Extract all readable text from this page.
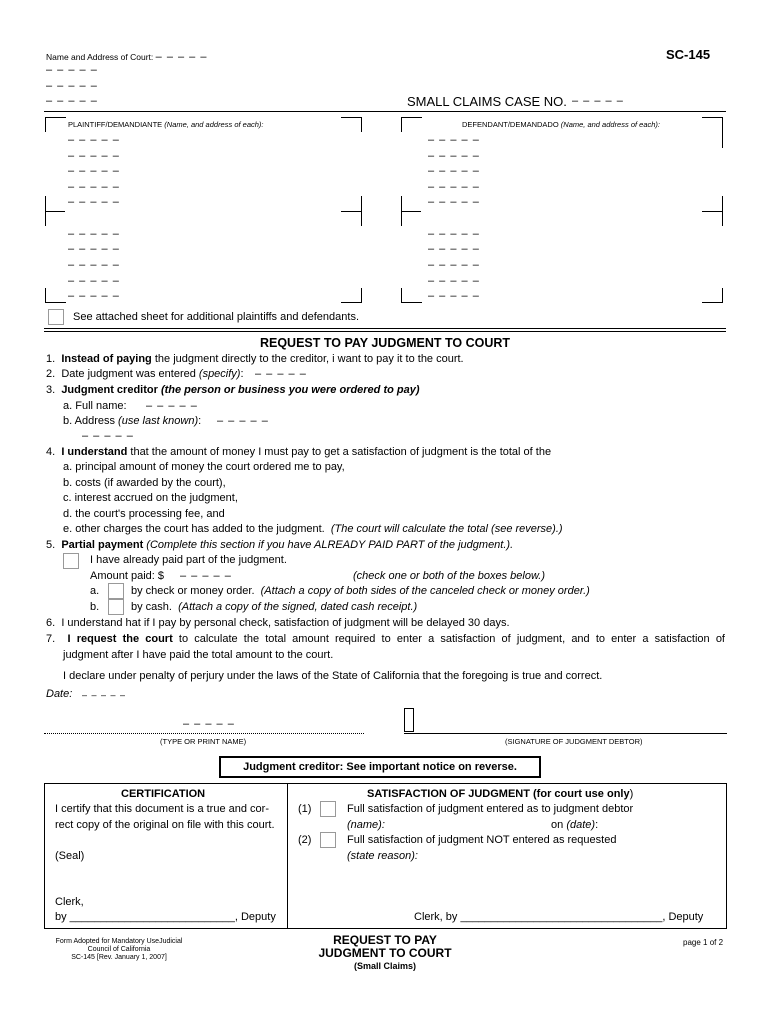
Name and Address of Court: – – – – –	SC-145
– – – – –
– – – – –
– – – – –	SMALL CLAIMS CASE NO. – – – – –
PLAINTIFF/DEMANDIANTE (Name, and address of each):
– – – – –
– – – – –
– – – – –
– – – – –
– – – – –
– – – – –
– – – – –
– – – – –
– – – – –
– – – – –
DEFENDANT/DEMANDADO (Name, and address of each):
– – – – –
– – – – –
– – – – –
– – – – –
– – – – –
– – – – –
– – – – –
– – – – –
– – – – –
– – – – –
See attached sheet for additional plaintiffs and defendants.
REQUEST TO PAY JUDGMENT TO COURT
1. Instead of paying the judgment directly to the creditor, i want to pay it to the court.
2. Date judgment was entered (specify): – – – – –
3. Judgment creditor (the person or business you were ordered to pay)
a. Full name: – – – – –
b. Address (use last known): – – – – –
– – – – –
4. I understand that the amount of money I must pay to get a satisfaction of judgment is the total of the
a. principal amount of money the court ordered me to pay,
b. costs (if awarded by the court),
c. interest accrued on the judgment,
d. the court's processing fee, and
e. other charges the court has added to the judgment. (The court will calculate the total (see reverse).)
5. Partial payment (Complete this section if you have ALREADY PAID PART of the judgment.).
I have already paid part of the judgment.
Amount paid: $ – – – – –	(check one or both of the boxes below.)
a.	by check or money order. (Attach a copy of both sides of the canceled check or money order.)
b.	by cash. (Attach a copy of the signed, dated cash receipt.)
6. I understand hat if I pay by personal check, satisfaction of judgment will be delayed 30 days.
7. I request the court to calculate the total amount required to enter a satisfaction of judgment, and to enter a satisfaction of
judgment after I have paid the total amount to the court.
I declare under penalty of perjury under the laws of the State of California that the foregoing is true and correct.
Date: – – – – –
– – – – –
(TYPE OR PRINT NAME)	(SIGNATURE OF JUDGMENT DEBTOR)
Judgment creditor: See important notice on reverse.
CERTIFICATION
I certify that this document is a true and cor-
rect copy of the original on file with this court.
(Seal)
Clerk,
by ___________________________, Deputy
SATISFACTION OF JUDGMENT (for court use only)
(1)	Full satisfaction of judgment entered as to judgment debtor
(name):	on (date):
(2)	Full satisfaction of judgment NOT entered as requested
(state reason):
Clerk, by _________________________________, Deputy
Form Adopted for Mandatory UseJudicial
Council of California
SC-145 [Rev. January 1, 2007]
REQUEST TO PAY
JUDGMENT TO COURT
(Small Claims)
page 1 of 2
